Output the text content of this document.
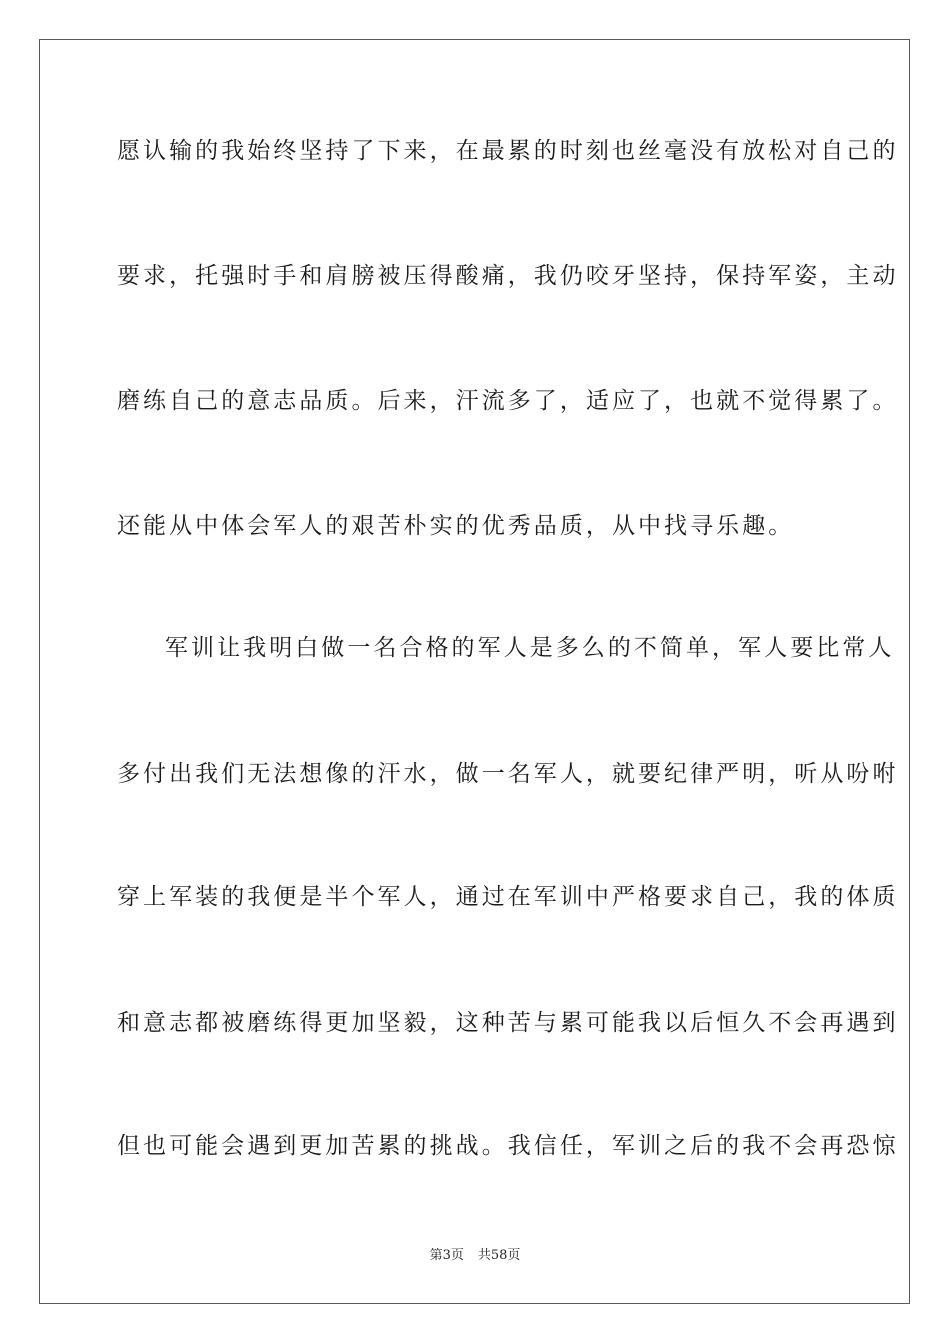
愿认输的我始终坚持了下来，在最累的时刻也丝毫没有放松对自己的
要求，托强时手和肩膀被压得酸痛，我仍咬牙坚持，保持军姿，主动
磨练自己的意志品质。后来，汗流多了，适应了，也就不觉得累了。
还能从中体会军人的艰苦朴实的优秀品质，从中找寻乐趣。
军训让我明白做一名合格的军人是多么的不简单，军人要比常人
多付出我们无法想像的汗水，做一名军人，就要纪律严明，听从吩咐
穿上军装的我便是半个军人，通过在军训中严格要求自己，我的体质
和意志都被磨练得更加坚毅，这种苦与累可能我以后恒久不会再遇到
但也可能会遇到更加苦累的挑战。我信任，军训之后的我不会再恐惊
第3页 共58页
